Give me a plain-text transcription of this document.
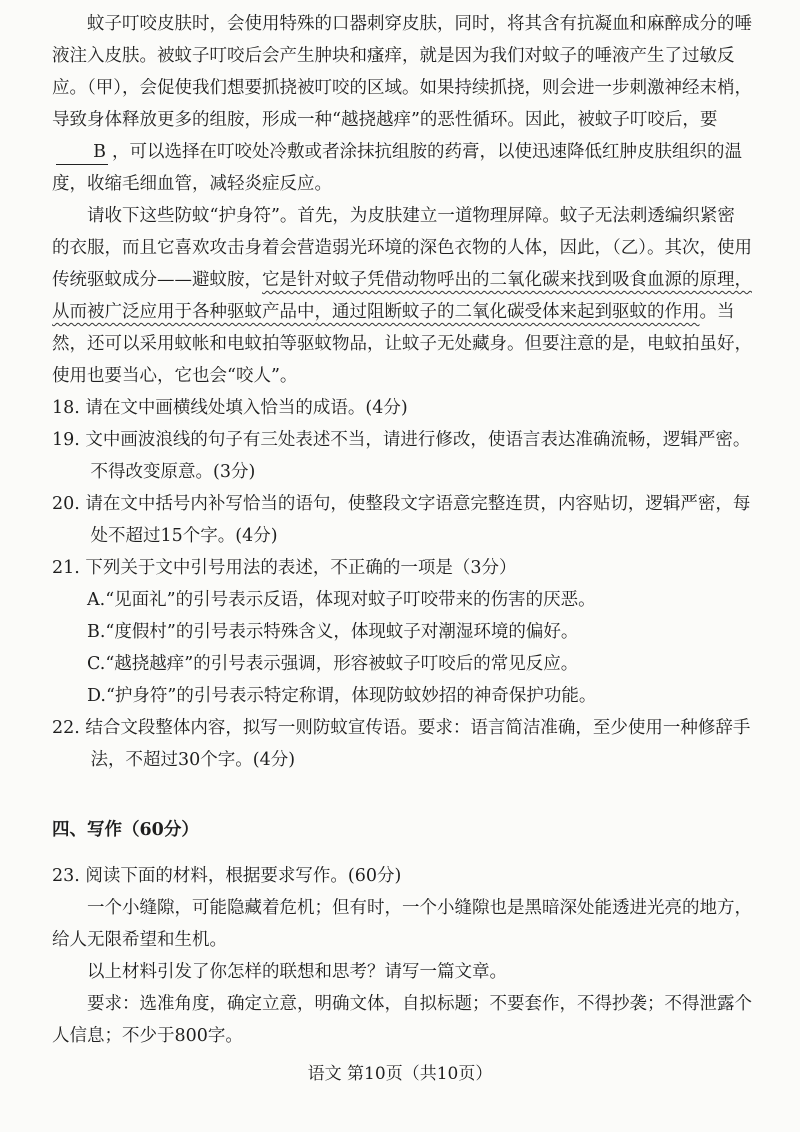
蚊子叮咬皮肤时，会使用特殊的口器刺穿皮肤，同时，将其含有抗凝血和麻醉成分的唾液注入皮肤。被蚊子叮咬后会产生肿块和瘙痒，就是因为我们对蚊子的唾液产生了过敏反应。（甲），会促使我们想要抓挠被叮咬的区域。如果持续抓挠，则会进一步刺激神经末梢，导致身体释放更多的组胺，形成一种“越挠越痒”的恶性循环。因此，被蚊子叮咬后，要B ，可以选择在叮咬处冷敷或者涂抹抗组胺的药膏，以使迅速降低红肿皮肤组织的温度，收缩毛细血管，减轻炎症反应。

请收下这些防蚊“护身符”。首先，为皮肤建立一道物理屏障。蚊子无法刺透编织紧密的衣服，而且它喜欢攻击身着会营造弱光环境的深色衣物的人体，因此，（乙）。其次，使用传统驱蚊成分——避蚊胺，它是针对蚊子凭借动物呼出的二氧化碳来找到吸食血源的原理，从而被广泛应用于各种驱蚊产品中，通过阻断蚊子的二氧化碳受体来起到驱蚊的作用。当然，还可以采用蚊帐和电蚊拍等驱蚊物品，让蚊子无处藏身。但要注意的是，电蚊拍虽好，使用也要当心，它也会“咬人”。

18. 请在文中画横线处填入恰当的成语。(4分)

19. 文中画波浪线的句子有三处表述不当，请进行修改，使语言表达准确流畅，逻辑严密。不得改变原意。(3分)

20. 请在文中括号内补写恰当的语句，使整段文字语意完整连贯，内容贴切，逻辑严密，每处不超过15个字。(4分)

21. 下列关于文中引号用法的表述，不正确的一项是（3分）

A.“见面礼”的引号表示反语，体现对蚊子叮咬带来的伤害的厌恶。

B.“度假村”的引号表示特殊含义，体现蚊子对潮湿环境的偏好。

C.“越挠越痒”的引号表示强调，形容被蚊子叮咬后的常见反应。

D.“护身符”的引号表示特定称谓，体现防蚊妙招的神奇保护功能。

22. 结合文段整体内容，拟写一则防蚊宣传语。要求：语言简洁准确，至少使用一种修辞手法，不超过30个字。(4分)

四、写作（60分）

23. 阅读下面的材料，根据要求写作。(60分)

一个小缝隙，可能隐藏着危机；但有时，一个小缝隙也是黑暗深处能透进光亮的地方，给人无限希望和生机。

以上材料引发了你怎样的联想和思考？请写一篇文章。

要求：选准角度，确定立意，明确文体，自拟标题；不要套作，不得抄袭；不得泄露个人信息；不少于800字。

语文 第10页（共10页）
